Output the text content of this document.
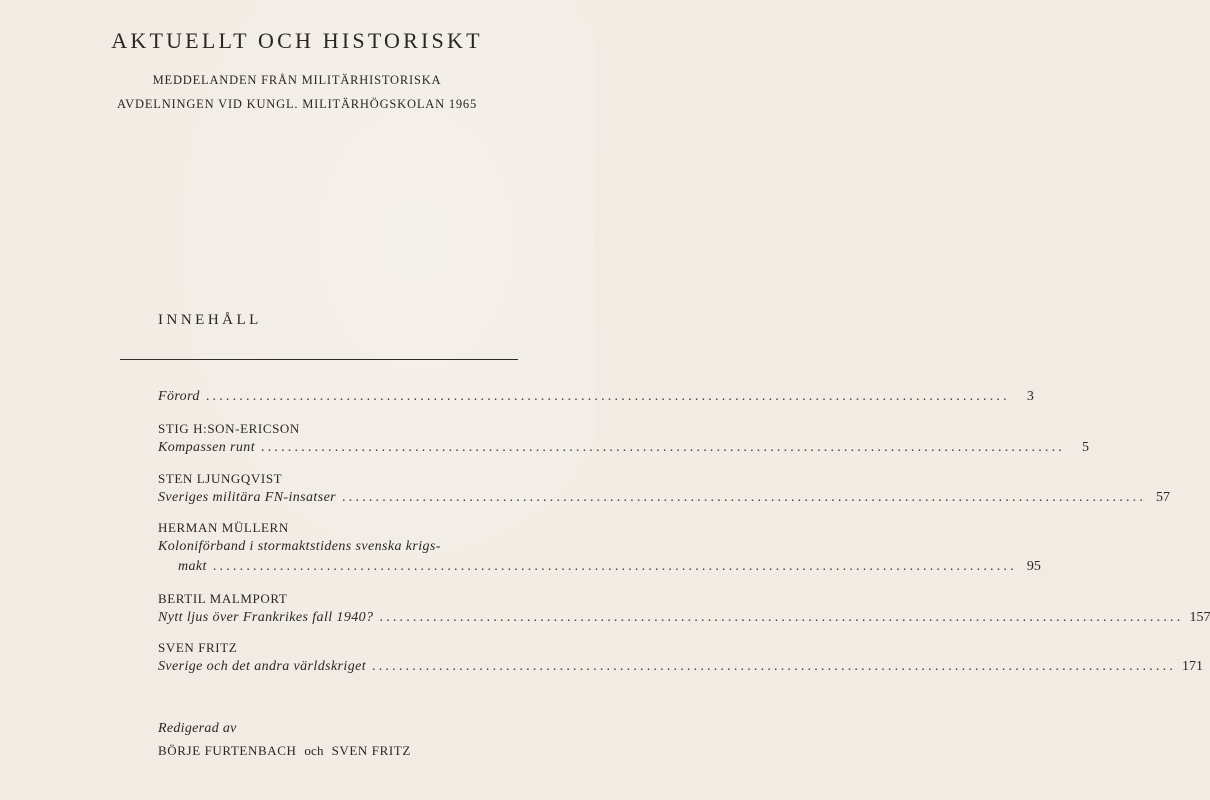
AKTUELLT OCH HISTORISKT
MEDDELANDEN FRÅN MILITÄRHISTORISKA
AVDELNINGEN VID KUNGL. MILITÄRHÖGSKOLAN 1965
INNEHÅLL
Förord ........................................................................................................................	3
STIG H:SON-ERICSON
Kompassen runt ........................................................................................................................	5
STEN LJUNGQVIST
Sveriges militära FN-insatser ........................................................................................................................ 57
HERMAN MÜLLERN
Koloniförband i stormaktstidens svenska krigs-
makt ........................................................................................................................ 95
BERTIL MALMPORT
Nytt ljus över Frankrikes fall 1940? ........................................................................................................................ 157
SVEN FRITZ
Sverige och det andra världskriget ........................................................................................................................ 171
Redigerad av
BÖRJE FURTENBACH och SVEN FRITZ
